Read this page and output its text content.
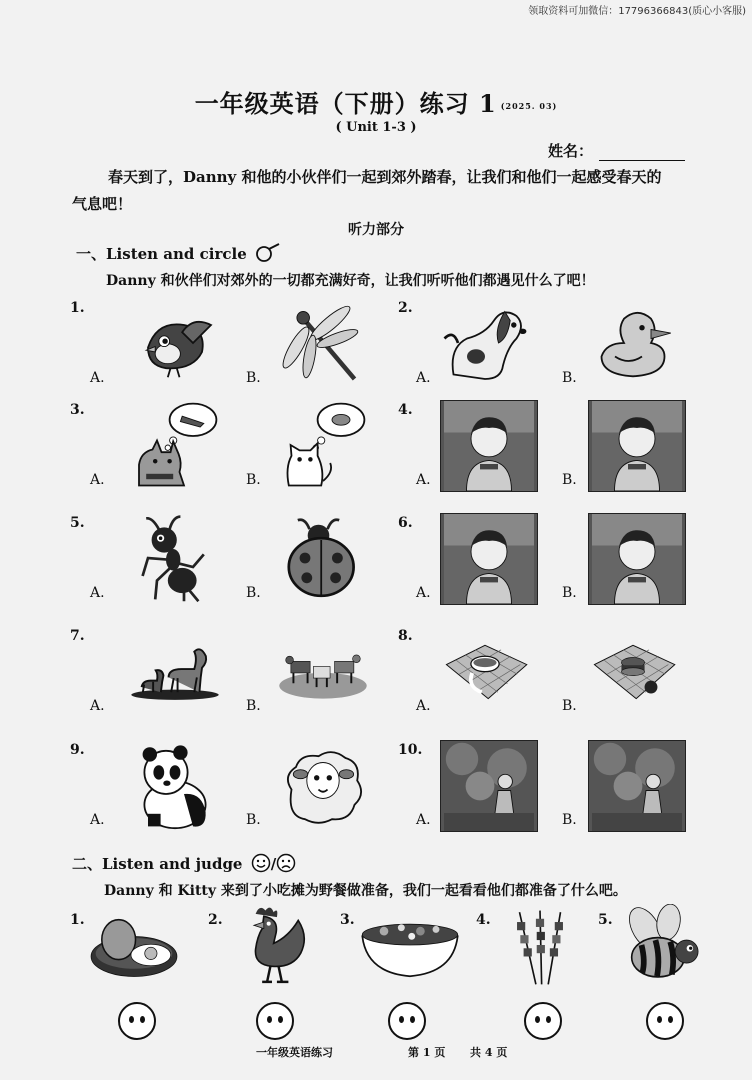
领取资料可加微信：17796366843(质心小客服)
一年级英语（下册）练习 1 (2025. 03)
( Unit 1-3 )
姓名：
春天到了，Danny 和他的小伙伴们一起到郊外踏春，让我们和他们一起感受春天的
气息吧！
听力部分
一、Listen and circle
Danny 和伙伴们对郊外的一切都充满好奇，让我们听听他们都遇见什么了吧！
1.
A.	B.
2.
A.	B.
3.
A.	B.
4.
A.	B.
5.
A.	B.
6.
A.	B.
7.
A.	B.
8.
A.	B.
9.
A.	B.
10.
A.	B.
二、Listen and judge /
Danny 和 Kitty 来到了小吃摊为野餐做准备，我们一起看看他们都准备了什么吧。
1.	2.	3.	4.	5.
一年级英语练习	第 1 页 共 4 页
